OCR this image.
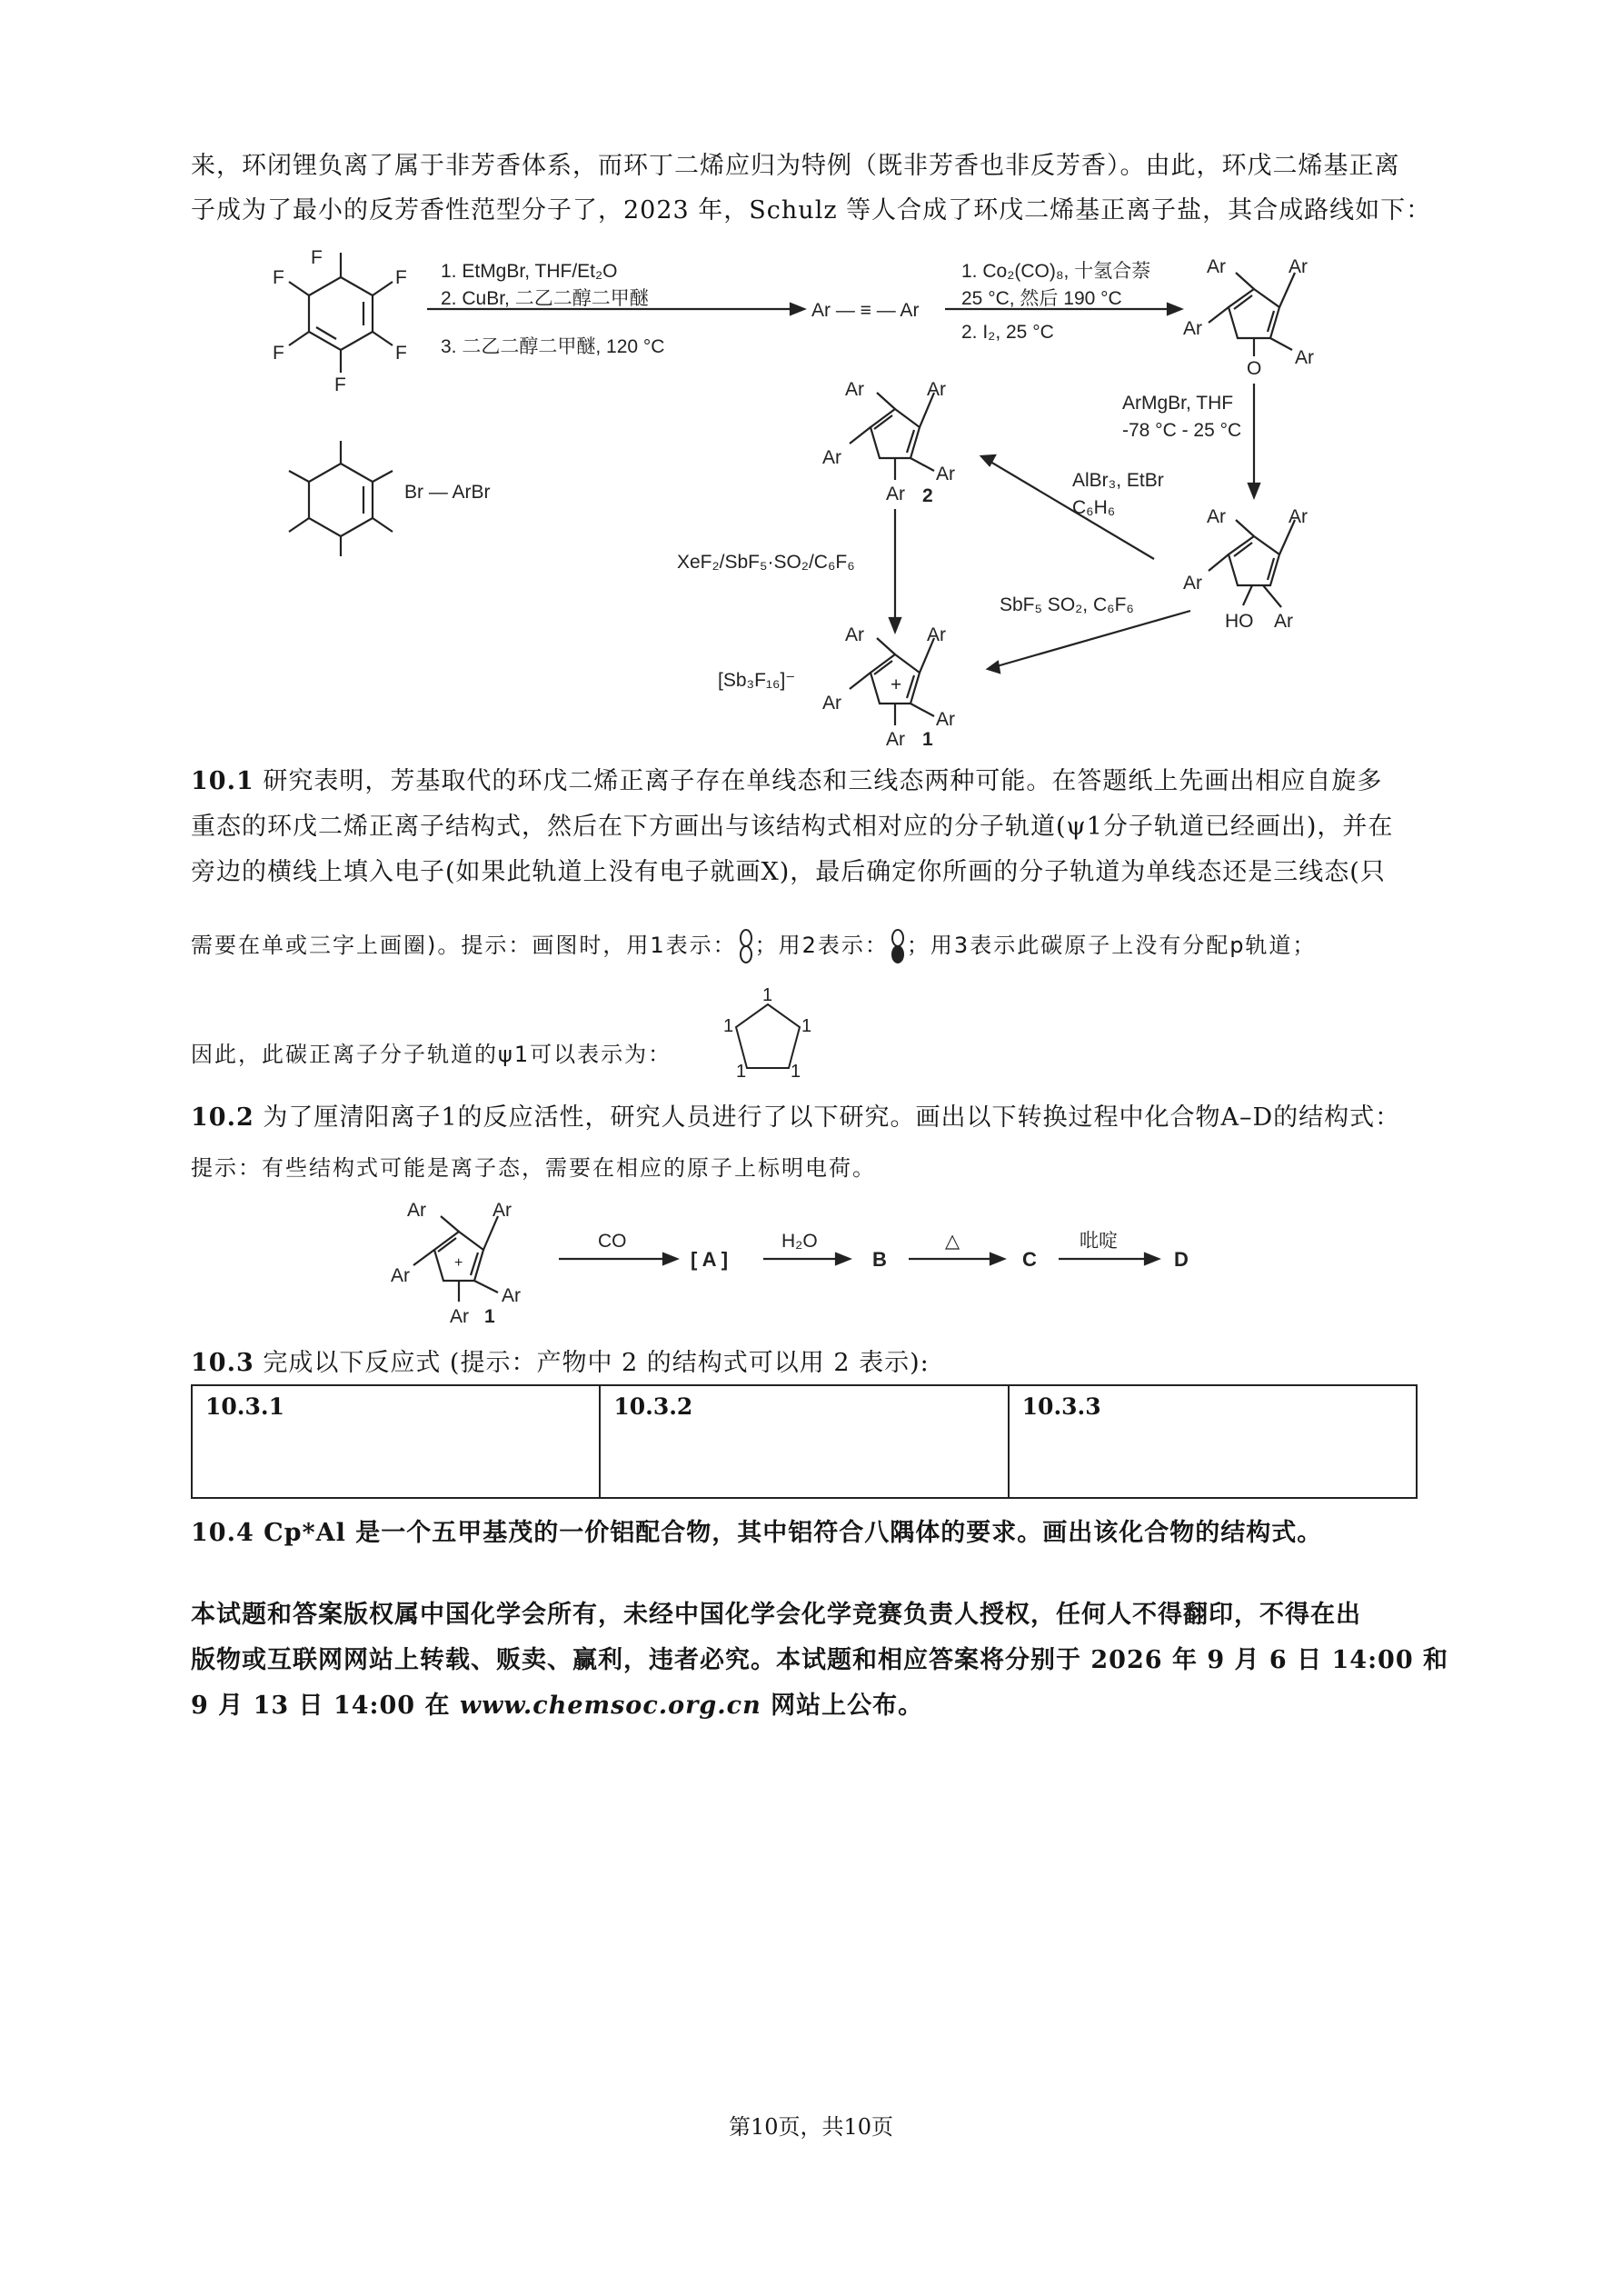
来，环闭锂负离了属于非芳香体系，而环丁二烯应归为特例（既非芳香也非反芳香）。由此，环戊二烯基正离
子成为了最小的反芳香性范型分子了，2023 年，Schulz 等人合成了环戊二烯基正离子盐，其合成路线如下：
F
F
F
F
F
F	1. EtMgBr, THF/Et₂O
2. CuBr, 二乙二醇二甲醚
3. 二乙二醇二甲醚, 120 °C
Ar — ≡ — Ar
1. Co₂(CO)₈, 十氢合萘
25 °C, 然后 190 °C
2. I₂, 25 °C
Ar	Ar
Ar
Ar
O
ArMgBr, THF
-78 °C - 25 °C
Br — ArBr
Ar	Ar
Ar
Ar
Ar 2
AlBr₃, EtBr
C₆H₆	Ar	Ar
Ar
HO Ar
XeF₂/SbF₅·SO₂/C₆F₆
SbF₅ SO₂, C₆F₆
+
Ar	Ar
Ar
Ar
Ar 1
[Sb₃F₁₆]⁻
10.1 研究表明，芳基取代的环戊二烯正离子存在单线态和三线态两种可能。在答题纸上先画出相应自旋多
重态的环戊二烯正离子结构式，然后在下方画出与该结构式相对应的分子轨道(ψ1分子轨道已经画出)，并在
旁边的横线上填入电子(如果此轨道上没有电子就画X)，最后确定你所画的分子轨道为单线态还是三线态(只
需要在单或三字上画圈)。提示：画图时，用1表示： ；用2表示： ；用3表示此碳原子上没有分配p轨道；
因此，此碳正离子分子轨道的ψ1可以表示为：
1
1
1
1 1
10.2 为了厘清阳离子1的反应活性，研究人员进行了以下研究。画出以下转换过程中化合物A–D的结构式：
提示：有些结构式可能是离子态，需要在相应的原子上标明电荷。
+
Ar	Ar
Ar
Ar
Ar 1
CO
[ A ]
H₂O
B
△
C
吡啶
D
10.3 完成以下反应式 (提示：产物中 2 的结构式可以用 2 表示):
10.3.1	10.3.2	10.3.3
10.4 Cp*Al 是一个五甲基茂的一价铝配合物，其中铝符合八隅体的要求。画出该化合物的结构式。
本试题和答案版权属中国化学会所有，未经中国化学会化学竞赛负责人授权，任何人不得翻印，不得在出
版物或互联网网站上转载、贩卖、赢利，违者必究。本试题和相应答案将分别于 2026 年 9 月 6 日 14:00 和
9 月 13 日 14:00 在 www.chemsoc.org.cn 网站上公布。
第10页，共10页
